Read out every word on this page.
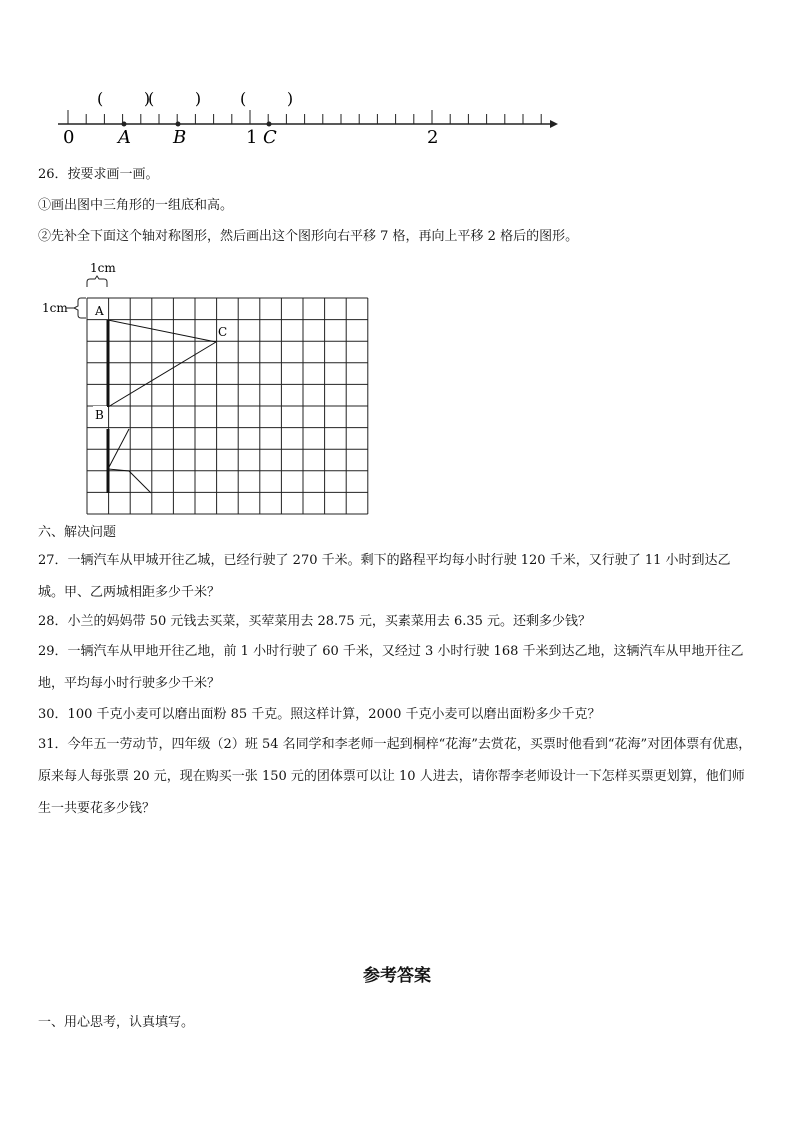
(        )
(        ) (        )
0	1	2
A B	C
26．按要求画一画。
①画出图中三角形的一组底和高。
②先补全下面这个轴对称图形，然后画出这个图形向右平移 7 格，再向上平移 2 格后的图形。
1cm
1cm A
B
C
六、解决问题
27．一辆汽车从甲城开往乙城，已经行驶了 270 千米。剩下的路程平均每小时行驶 120 千米，又行驶了 11 小时到达乙城。甲、乙两城相距多少千米？
28．小兰的妈妈带 50 元钱去买菜，买荤菜用去 28.75 元，买素菜用去 6.35 元。还剩多少钱？
29．一辆汽车从甲地开往乙地，前 1 小时行驶了 60 千米，又经过 3 小时行驶 168 千米到达乙地，这辆汽车从甲地开往乙地，平均每小时行驶多少千米？
30．100 千克小麦可以磨出面粉 85 千克。照这样计算，2000 千克小麦可以磨出面粉多少千克？
31．今年五一劳动节，四年级（2）班 54 名同学和李老师一起到桐梓“花海”去赏花，买票时他看到“花海”对团体票有优惠，原来每人每张票 20 元，现在购买一张 150 元的团体票可以让 10 人进去，请你帮李老师设计一下怎样买票更划算，他们师生一共要花多少钱？
参考答案
一、用心思考，认真填写。
